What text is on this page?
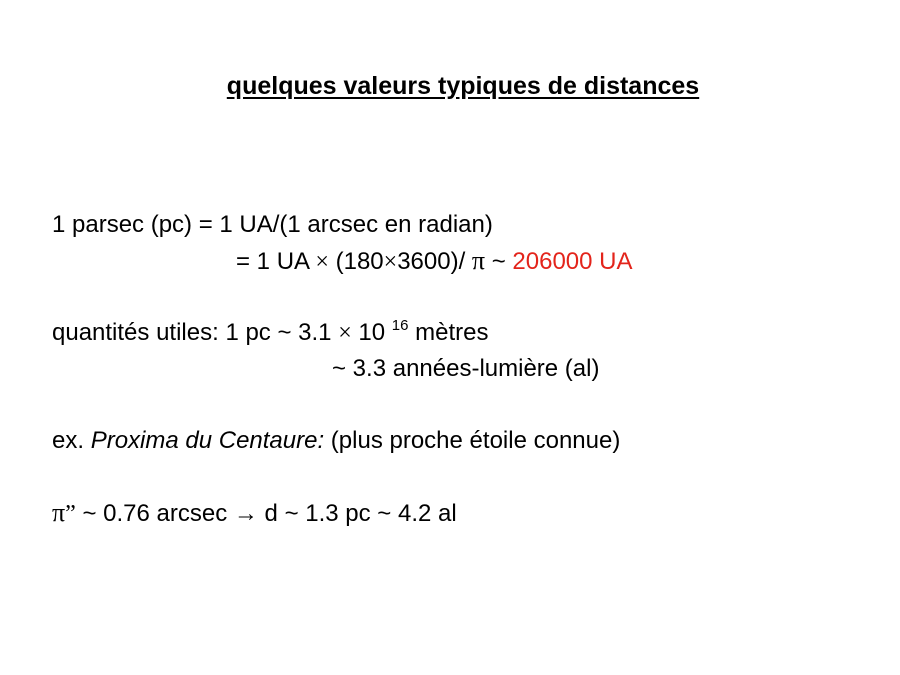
quelques valeurs typiques de distances
1 parsec (pc) = 1 UA/(1 arcsec en radian)
= 1 UA × (180×3600)/ π ~ 206000 UA
quantités utiles: 1 pc ~ 3.1 × 10 $^{16}$ mètres
~ 3.3 années-lumière (al)
ex. Proxima du Centaure: (plus proche étoile connue)
π” ~ 0.76 arcsec → d ~ 1.3 pc ~ 4.2 al
